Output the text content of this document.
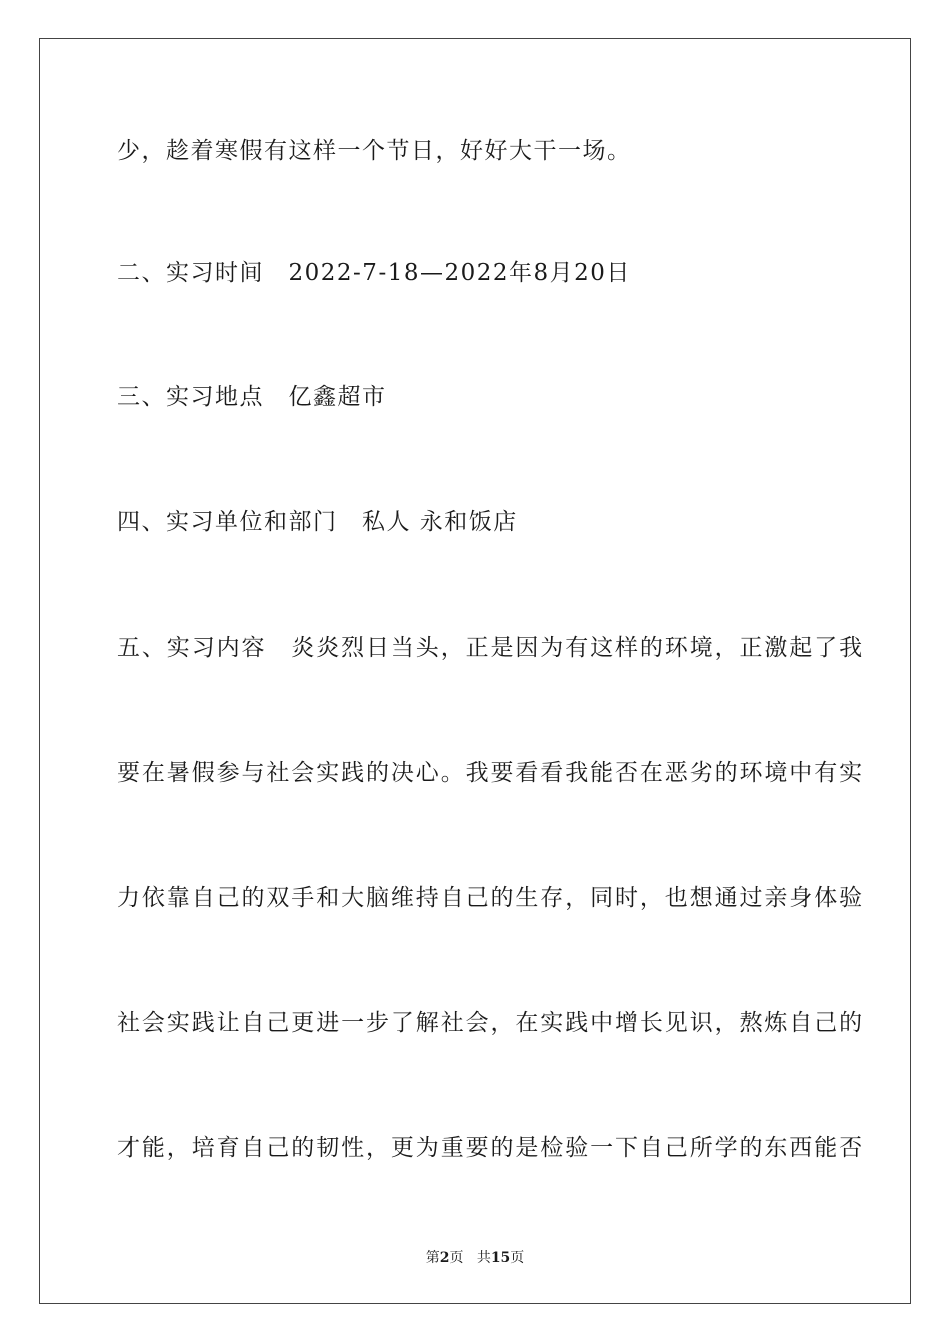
少，趁着寒假有这样一个节日，好好大干一场。
二、实习时间　2022-7-18—2022年8月20日
三、实习地点　亿鑫超市
四、实习单位和部门　私人 永和饭店
五、实习内容　炎炎烈日当头，正是因为有这样的环境，正激起了我
要在暑假参与社会实践的决心。我要看看我能否在恶劣的环境中有实
力依靠自己的双手和大脑维持自己的生存，同时，也想通过亲身体验
社会实践让自己更进一步了解社会，在实践中增长见识，熬炼自己的
才能，培育自己的韧性，更为重要的是检验一下自己所学的东西能否
第2页 共15页
